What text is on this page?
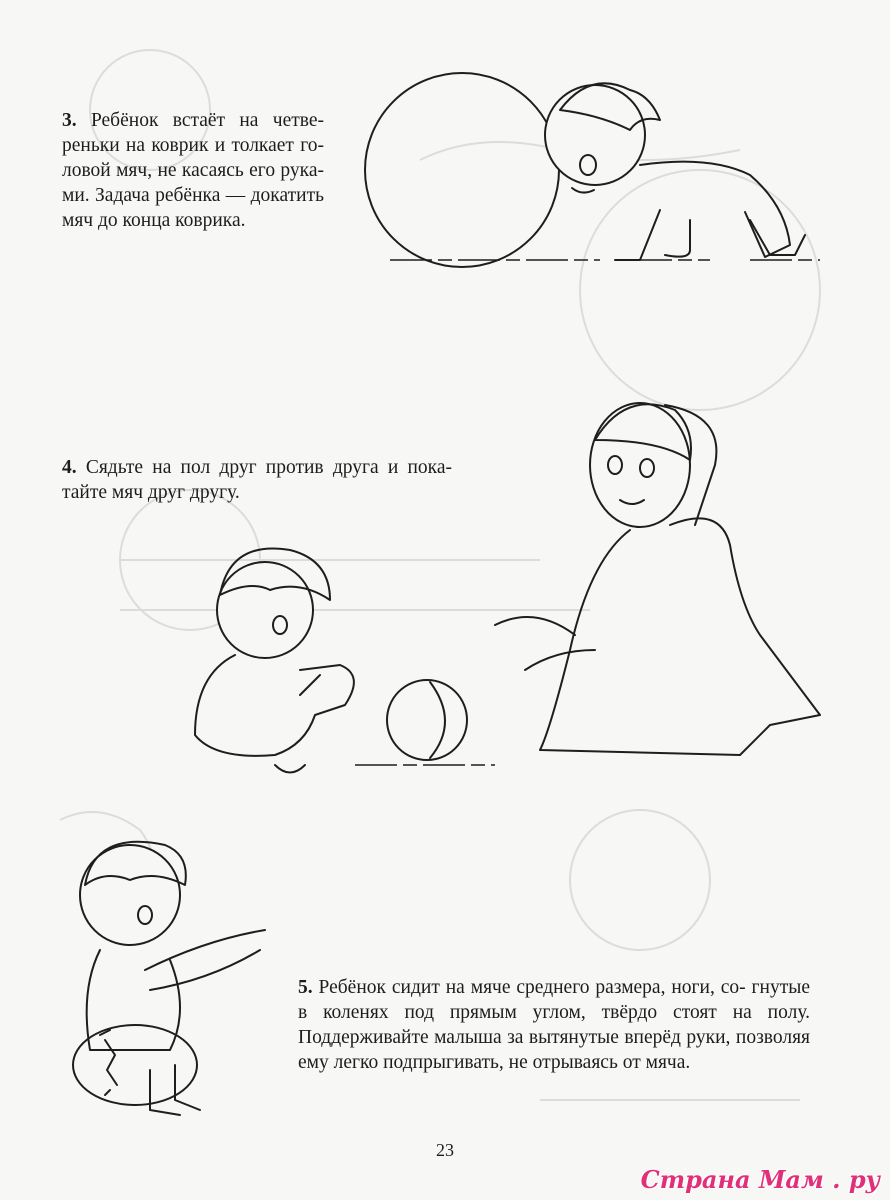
3. Ребёнок встаёт на четве- реньки на коврик и толкает го- ловой мяч, не касаясь его рука- ми. Задача ребёнка — докатить мяч до конца коврика.

4. Сядьте на пол друг против друга и пока- тайте мяч друг другу.

5. Ребёнок сидит на мяче среднего размера, ноги, со- гнутые в коленях под прямым углом, твёрдо стоят на полу. Поддерживайте малыша за вытянутые вперёд руки, позволяя ему легко подпрыгивать, не отрываясь от мяча.

23
Страна Мам . ру
